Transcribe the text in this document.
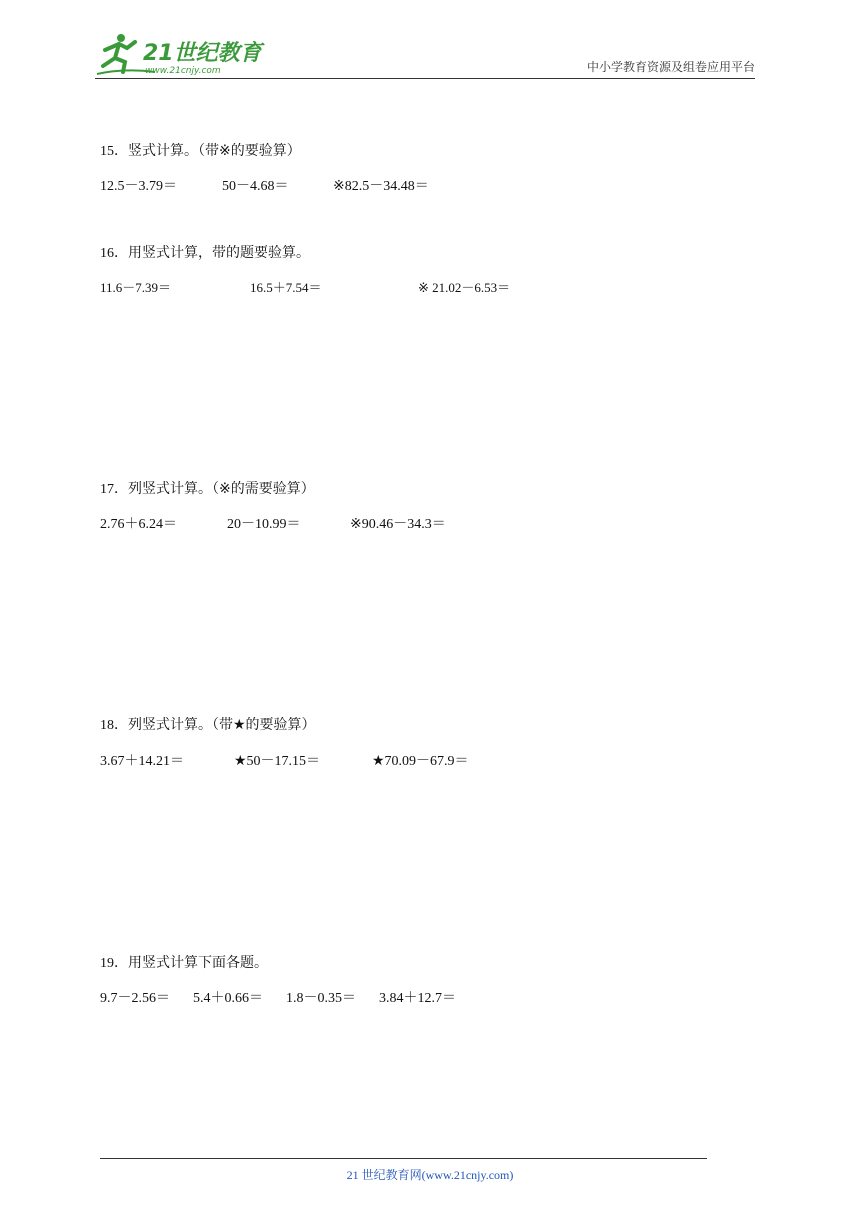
21世纪教育
www.21cnjy.com	中小学教育资源及组卷应用平台
15．竖式计算。（带※的要验算）
12.5－3.79＝	50－4.68＝	※82.5－34.48＝
16．用竖式计算，带的题要验算。
11.6－7.39＝	16.5＋7.54＝	※ 21.02－6.53＝
17．列竖式计算。（※的需要验算）
2.76＋6.24＝	20－10.99＝	※90.46－34.3＝
18．列竖式计算。（带★的要验算）
3.67＋14.21＝	★50－17.15＝	★70.09－67.9＝
19．用竖式计算下面各题。
9.7－2.56＝ 5.4＋0.66＝ 1.8－0.35＝ 3.84＋12.7＝
21 世纪教育网(www.21cnjy.com)
